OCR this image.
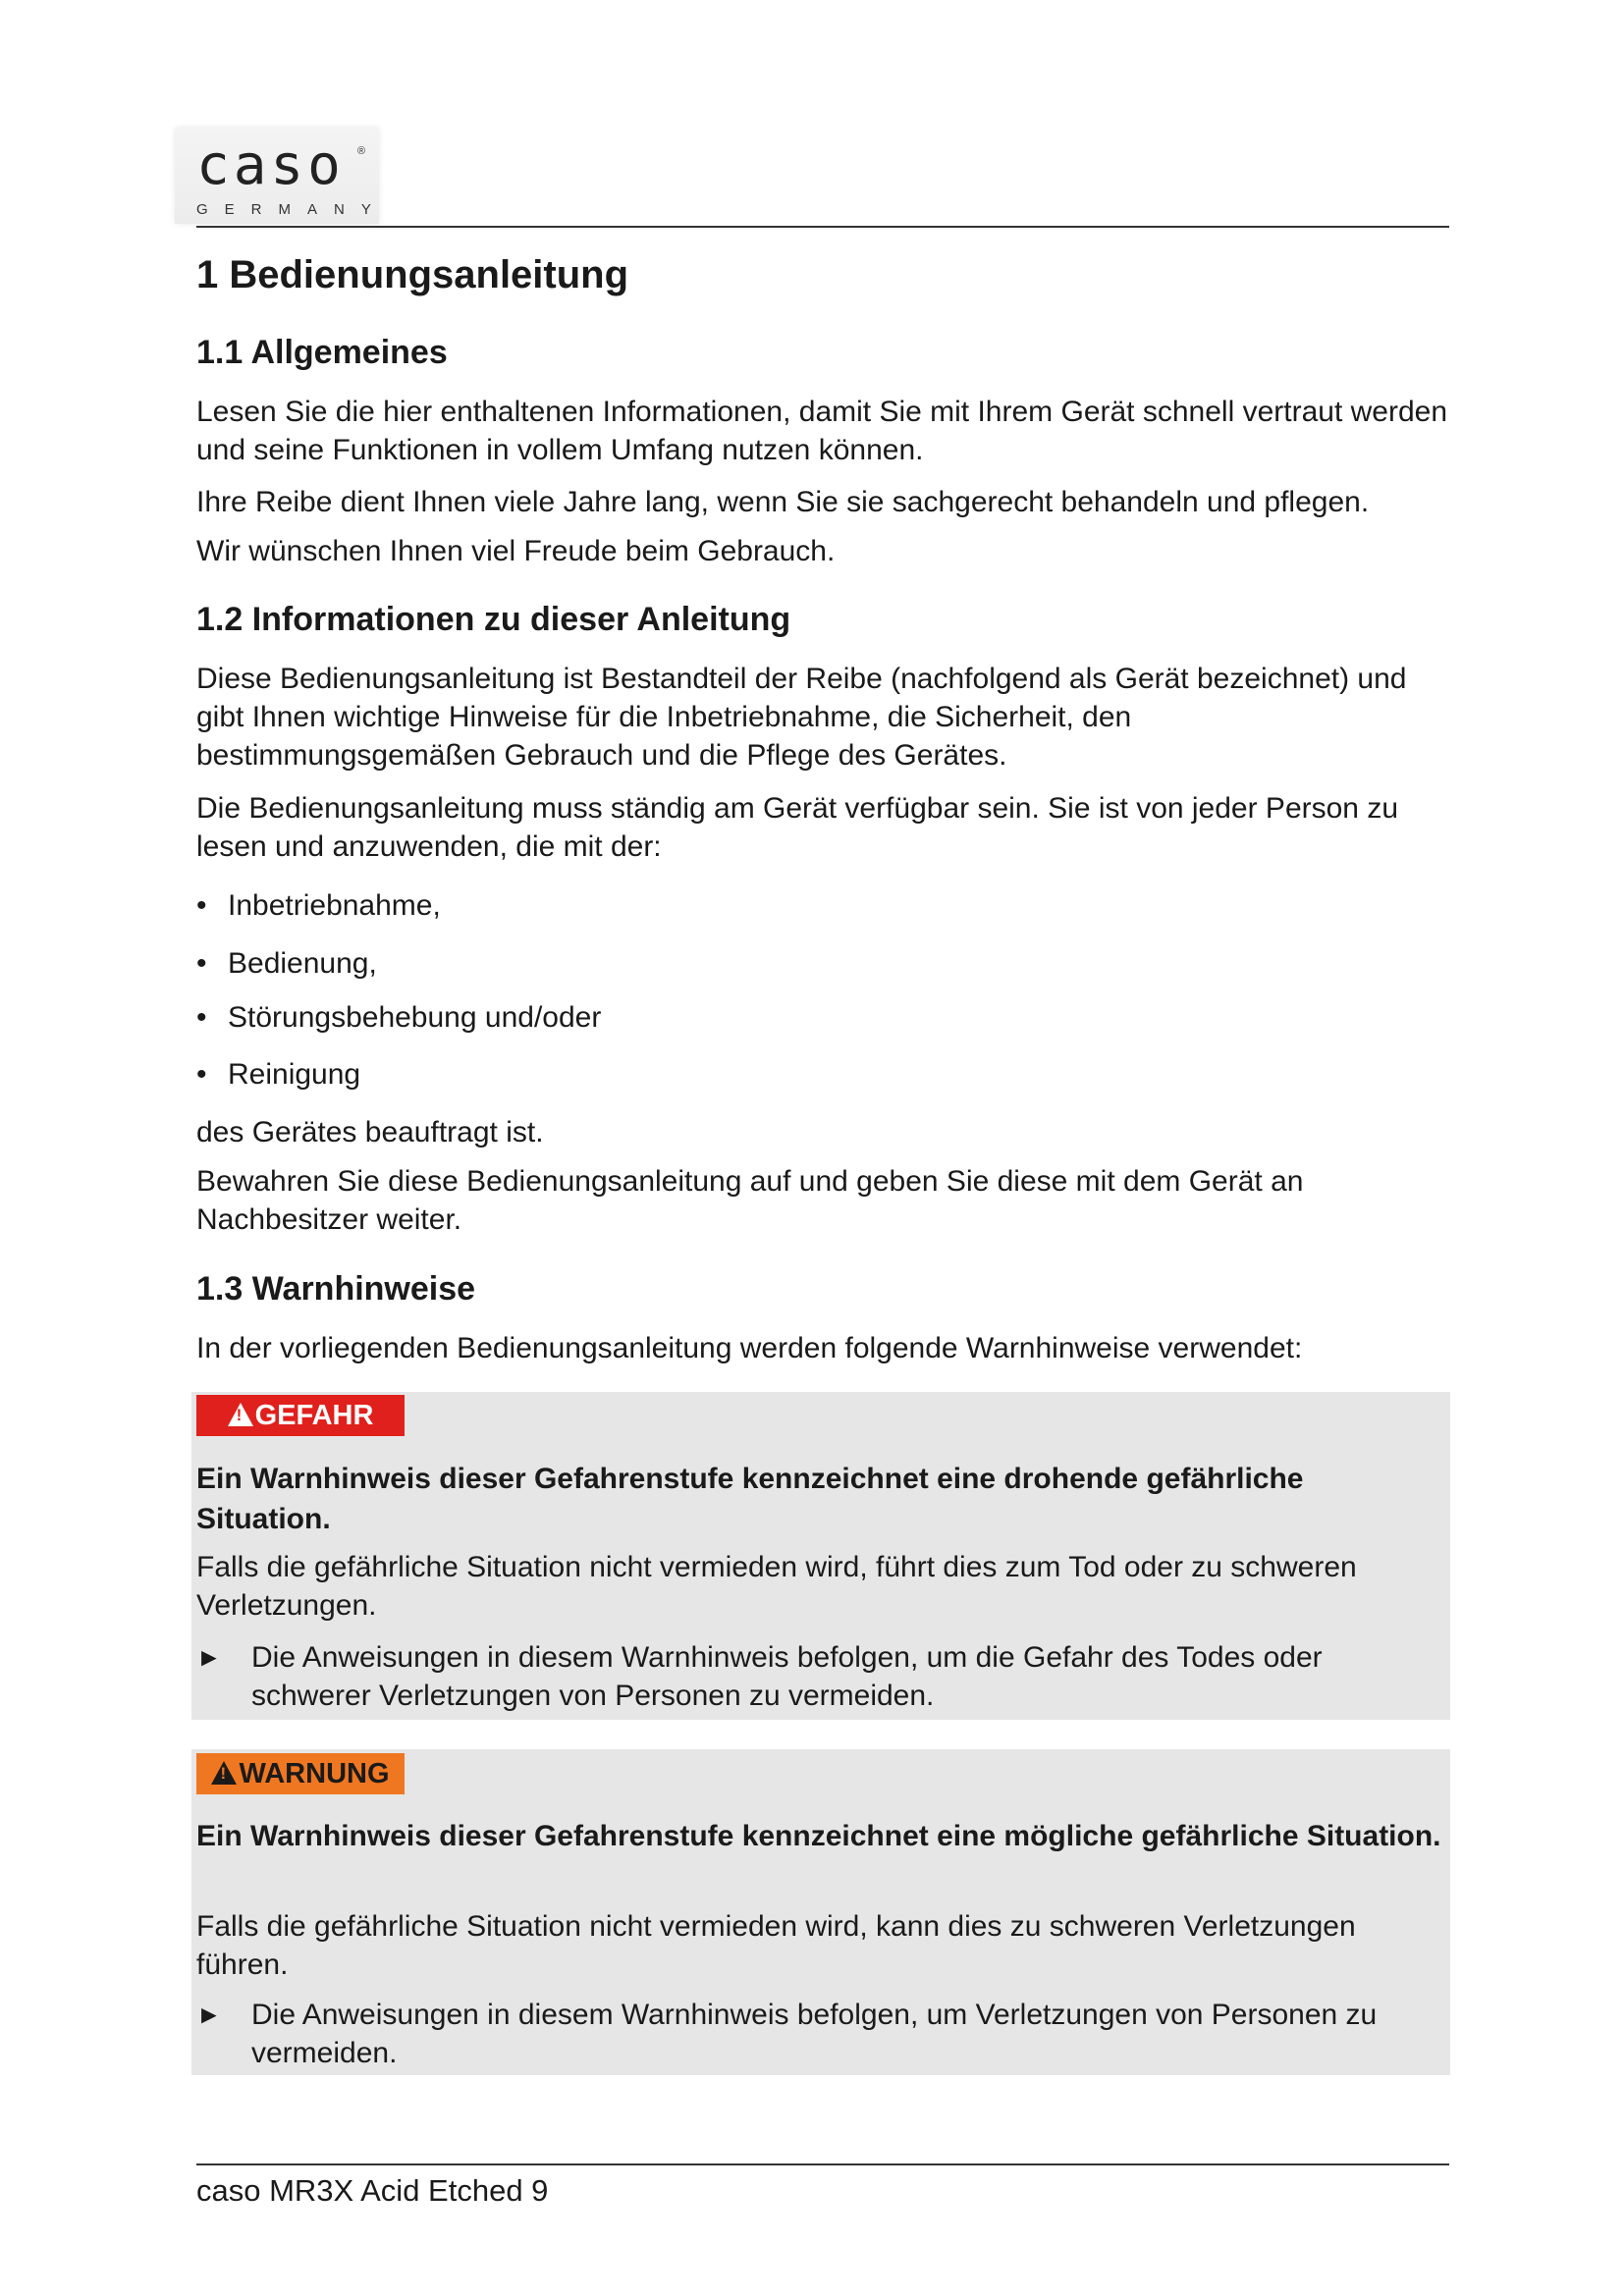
caso ®
GERMANY
1 Bedienungsanleitung
1.1 Allgemeines

Lesen Sie die hier enthaltenen Informationen, damit Sie mit Ihrem Gerät schnell vertraut werden und seine Funktionen in vollem Umfang nutzen können.

Ihre Reibe dient Ihnen viele Jahre lang, wenn Sie sie sachgerecht behandeln und pflegen.

Wir wünschen Ihnen viel Freude beim Gebrauch.

1.2 Informationen zu dieser Anleitung

Diese Bedienungsanleitung ist Bestandteil der Reibe (nachfolgend als Gerät bezeichnet) und gibt Ihnen wichtige Hinweise für die Inbetriebnahme, die Sicherheit, den bestimmungsgemäßen Gebrauch und die Pflege des Gerätes.

Die Bedienungsanleitung muss ständig am Gerät verfügbar sein. Sie ist von jeder Person zu lesen und anzuwenden, die mit der:

• Inbetriebnahme,
• Bedienung,
• Störungsbehebung und/oder
• Reinigung

des Gerätes beauftragt ist.

Bewahren Sie diese Bedienungsanleitung auf und geben Sie diese mit dem Gerät an Nachbesitzer weiter.

1.3 Warnhinweise

In der vorliegenden Bedienungsanleitung werden folgende Warnhinweise verwendet:

!GEFAHR

Ein Warnhinweis dieser Gefahrenstufe kennzeichnet eine drohende gefährliche Situation.

Falls die gefährliche Situation nicht vermieden wird, führt dies zum Tod oder zu schweren Verletzungen.

►	Die Anweisungen in diesem Warnhinweis befolgen, um die Gefahr des Todes oder schwerer Verletzungen von Personen zu vermeiden.
!WARNUNG

Ein Warnhinweis dieser Gefahrenstufe kennzeichnet eine mögliche gefährliche Situation.

Falls die gefährliche Situation nicht vermieden wird, kann dies zu schweren Verletzungen führen.

►	Die Anweisungen in diesem Warnhinweis befolgen, um Verletzungen von Personen zu vermeiden.
caso MR3X Acid Etched 9
